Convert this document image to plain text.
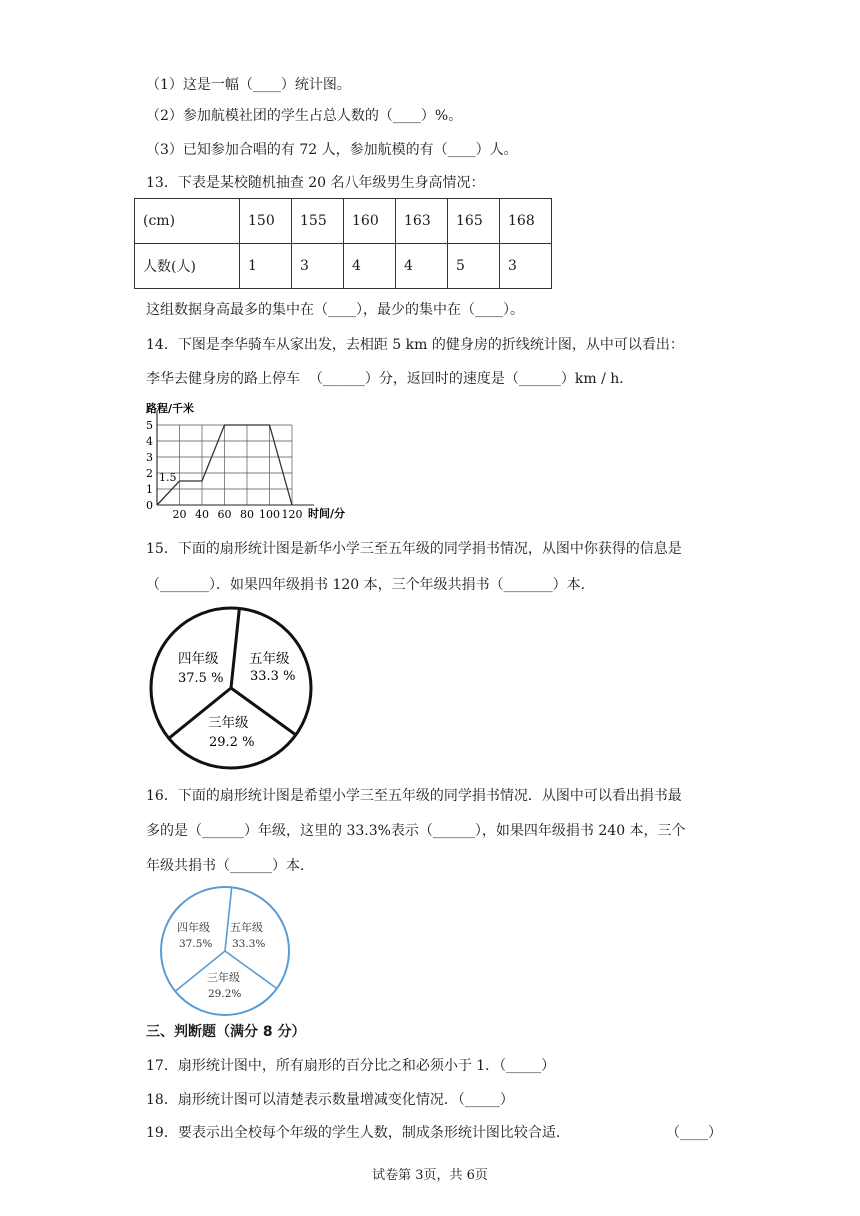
（1）这是一幅（____）统计图。
（2）参加航模社团的学生占总人数的（____）%。
（3）已知参加合唱的有 72 人，参加航模的有（____）人。
13．下表是某校随机抽查 20 名八年级男生身高情况：
(cm)	150	155	160	163	165	168
人数(人)	1	3	4	4	5	3
这组数据身高最多的集中在（____），最少的集中在（____）。
14．下图是李华骑车从家出发，去相距 5 km 的健身房的折线统计图，从中可以看出：
李华去健身房的路上停车  （______）分，返回时的速度是（______）km / h．
路程/千米
时间/分
1.5
0
1
2
3
4
5
20 40 60 80 100 120
15．下面的扇形统计图是新华小学三至五年级的同学捐书情况，从图中你获得的信息是
（_______）．如果四年级捐书 120 本，三个年级共捐书（_______）本．
四年级
37.5 %
五年级
33.3 %
三年级
29.2 %
16．下面的扇形统计图是希望小学三至五年级的同学捐书情况．从图中可以看出捐书最
多的是（______）年级，这里的 33.3%表示（______），如果四年级捐书 240 本，三个
年级共捐书（______）本．
四年级
37.5%
五年级
33.3%
三年级
29.2%
三、判断题（满分 8 分）
17．扇形统计图中，所有扇形的百分比之和必须小于 1．（_____）
18．扇形统计图可以清楚表示数量增减变化情况．（_____）
19．要表示出全校每个年级的学生人数，制成条形统计图比较合适．	（____）
试卷第 3页，共 6页
